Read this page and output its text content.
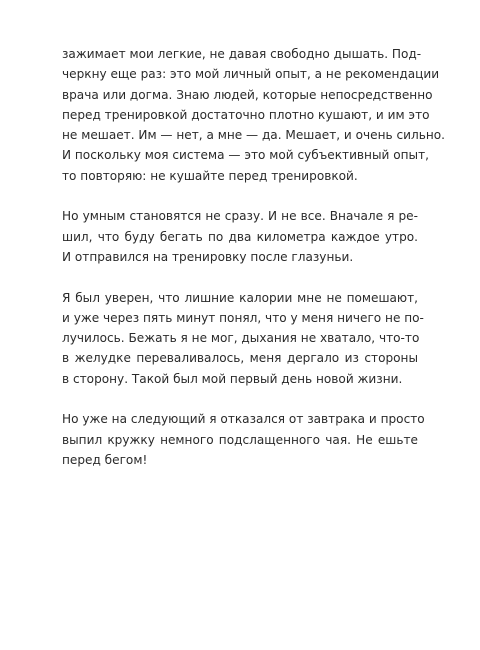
зажимает мои легкие, не давая свободно дышать. Под-
черкну еще раз: это мой личный опыт, а не рекомендации
врача или догма. Знаю людей, которые непосредственно
перед тренировкой достаточно плотно кушают, и им это
не мешает. Им — нет, а мне — да. Мешает, и очень сильно.
И поскольку моя система — это мой субъективный опыт,
то повторяю: не кушайте перед тренировкой.

Но умным становятся не сразу. И не все. Вначале я ре-
шил, что буду бегать по два километра каждое утро.
И отправился на тренировку после глазуньи.

Я был уверен, что лишние калории мне не помешают,
и уже через пять минут понял, что у меня ничего не по-
лучилось. Бежать я не мог, дыхания не хватало, что-то
в желудке переваливалось, меня дергало из стороны
в сторону. Такой был мой первый день новой жизни.

Но уже на следующий я отказался от завтрака и просто
выпил кружку немного подслащенного чая. Не ешьте
перед бегом!
